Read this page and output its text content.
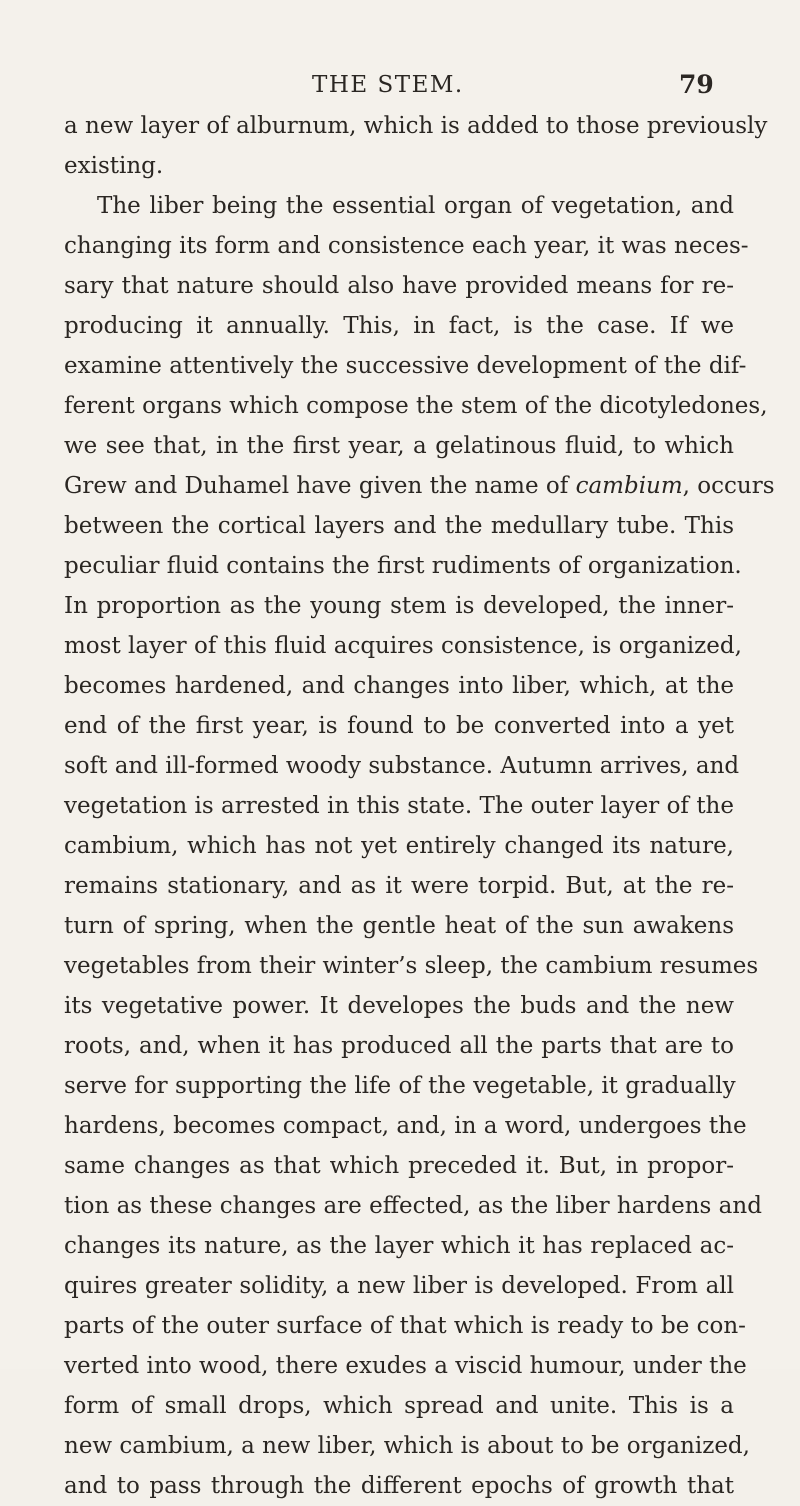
THE STEM.	79
a new layer of alburnum, which is added to those previously
existing.
The liber being the essential organ of vegetation, and
changing its form and consistence each year, it was neces-
sary that nature should also have provided means for re-
producing it annually. This, in fact, is the case. If we
examine attentively the successive development of the dif-
ferent organs which compose the stem of the dicotyledones,
we see that, in the first year, a gelatinous fluid, to which
Grew and Duhamel have given the name of cambium, occurs
between the cortical layers and the medullary tube. This
peculiar fluid contains the first rudiments of organization.
In proportion as the young stem is developed, the inner-
most layer of this fluid acquires consistence, is organized,
becomes hardened, and changes into liber, which, at the
end of the first year, is found to be converted into a yet
soft and ill-formed woody substance. Autumn arrives, and
vegetation is arrested in this state. The outer layer of the
cambium, which has not yet entirely changed its nature,
remains stationary, and as it were torpid. But, at the re-
turn of spring, when the gentle heat of the sun awakens
vegetables from their winter’s sleep, the cambium resumes
its vegetative power. It developes the buds and the new
roots, and, when it has produced all the parts that are to
serve for supporting the life of the vegetable, it gradually
hardens, becomes compact, and, in a word, undergoes the
same changes as that which preceded it. But, in propor-
tion as these changes are effected, as the liber hardens and
changes its nature, as the layer which it has replaced ac-
quires greater solidity, a new liber is developed. From all
parts of the outer surface of that which is ready to be con-
verted into wood, there exudes a viscid humour, under the
form of small drops, which spread and unite. This is a
new cambium, a new liber, which is about to be organized,
and to pass through the different epochs of growth that
